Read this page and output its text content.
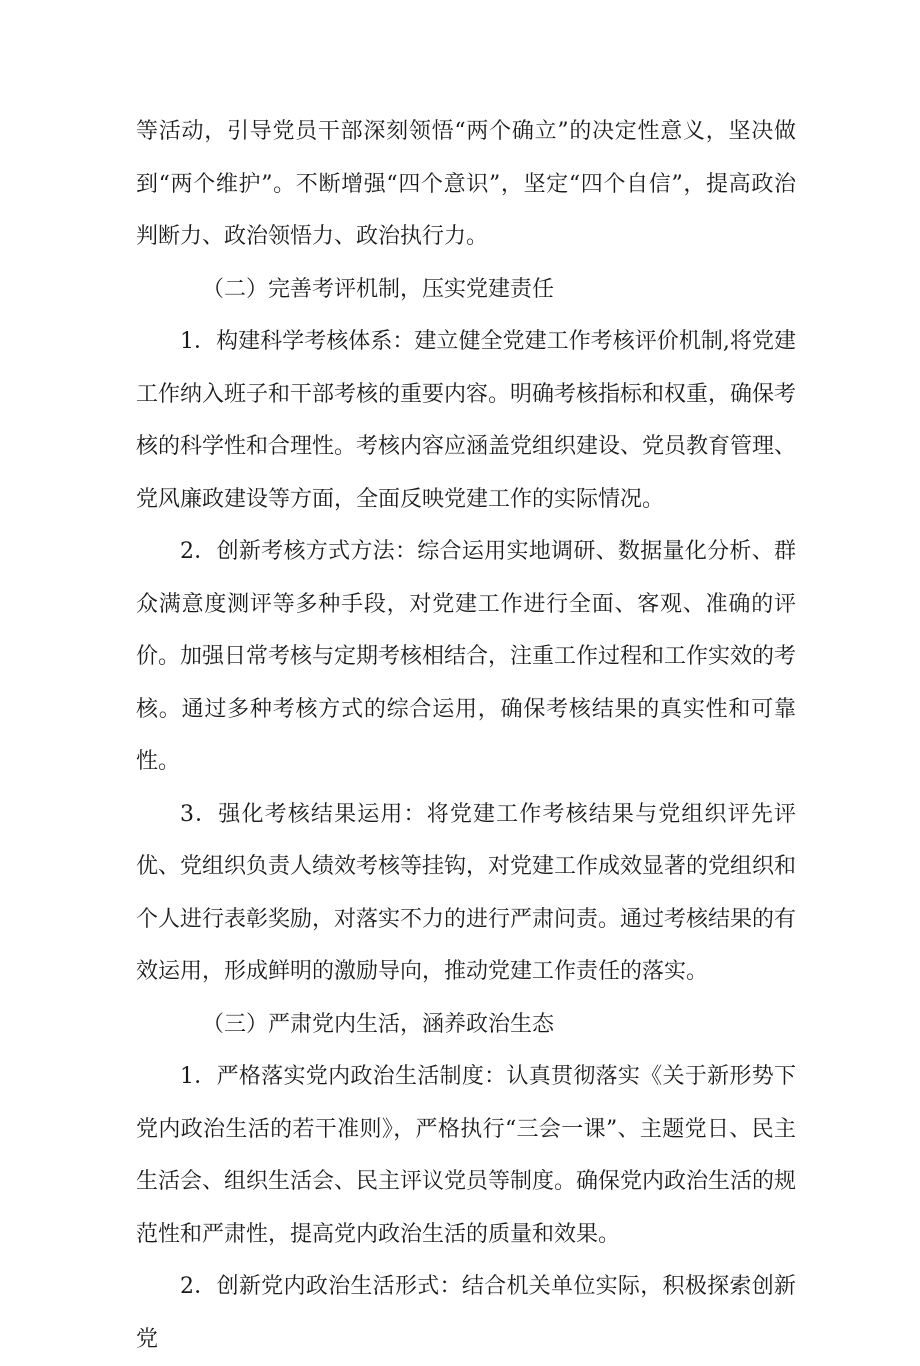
等活动，引导党员干部深刻领悟“两个确立”的决定性意义，坚决做到“两个维护”。不断增强“四个意识”，坚定“四个自信”，提高政治判断力、政治领悟力、政治执行力。

（二）完善考评机制，压实党建责任

1．构建科学考核体系：建立健全党建工作考核评价机制,将党建工作纳入班子和干部考核的重要内容。明确考核指标和权重，确保考核的科学性和合理性。考核内容应涵盖党组织建设、党员教育管理、党风廉政建设等方面，全面反映党建工作的实际情况。

2．创新考核方式方法：综合运用实地调研、数据量化分析、群众满意度测评等多种手段，对党建工作进行全面、客观、准确的评价。加强日常考核与定期考核相结合，注重工作过程和工作实效的考核。通过多种考核方式的综合运用，确保考核结果的真实性和可靠性。

3．强化考核结果运用：将党建工作考核结果与党组织评先评优、党组织负责人绩效考核等挂钩，对党建工作成效显著的党组织和个人进行表彰奖励，对落实不力的进行严肃问责。通过考核结果的有效运用，形成鲜明的激励导向，推动党建工作责任的落实。

（三）严肃党内生活，涵养政治生态

1．严格落实党内政治生活制度：认真贯彻落实《关于新形势下党内政治生活的若干准则》，严格执行“三会一课”、主题党日、民主生活会、组织生活会、民主评议党员等制度。确保党内政治生活的规范性和严肃性，提高党内政治生活的质量和效果。

2．创新党内政治生活形式：结合机关单位实际，积极探索创新党
